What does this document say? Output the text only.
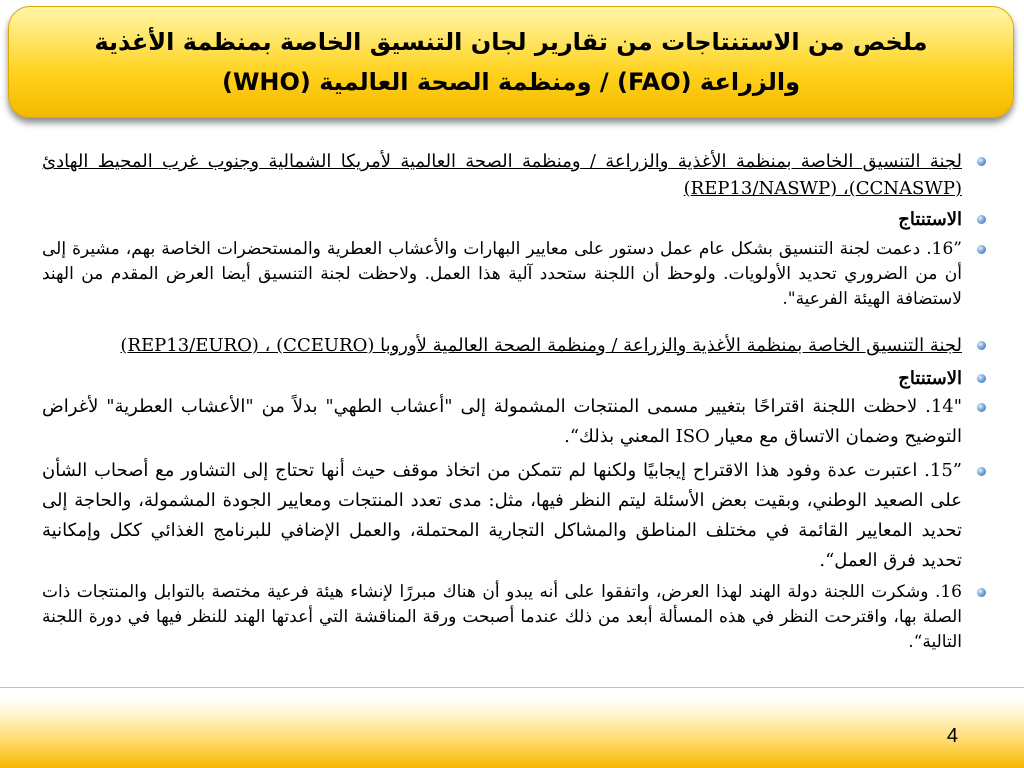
ملخص من الاستنتاجات من تقارير لجان التنسيق الخاصة بمنظمة الأغذية والزراعة (FAO) / ومنظمة الصحة العالمية (WHO)
لجنة التنسيق الخاصة بمنظمة الأغذية والزراعة / ومنظمة الصحة العالمية لأمريكا الشمالية وجنوب غرب المحيط الهادئ (CCNASWP)، (REP13/NASWP)
الاستنتاج
”16. دعمت لجنة التنسيق بشكل عام عمل دستور على معايير البهارات والأعشاب العطرية والمستحضرات الخاصة بهم، مشيرة إلى أن من الضروري تحديد الأولويات. ولوحظ أن اللجنة ستحدد آلية هذا العمل. ولاحظت لجنة التنسيق أيضا العرض المقدم من الهند لاستضافة الهيئة الفرعية".
لجنة التنسيق الخاصة بمنظمة الأغذية والزراعة / ومنظمة الصحة العالمية لأوروبا (CCEURO) ، (REP13/EURO)
الاستنتاج
"14. لاحظت اللجنة اقتراحًا بتغيير مسمى المنتجات المشمولة إلى "أعشاب الطهي" بدلاً من "الأعشاب العطرية" لأغراض التوضيح وضمان الاتساق مع معيار ISO المعني بذلك“.
”15. اعتبرت عدة وفود هذا الاقتراح إيجابيًا ولكنها لم تتمكن من اتخاذ موقف حيث أنها تحتاج إلى التشاور مع أصحاب الشأن على الصعيد الوطني، وبقيت بعض الأسئلة ليتم النظر فيها، مثل: مدى تعدد المنتجات ومعايير الجودة المشمولة، والحاجة إلى تحديد المعايير القائمة في مختلف المناطق والمشاكل التجارية المحتملة، والعمل الإضافي للبرنامج الغذائي ككل وإمكانية تحديد فرق العمل“.
16. وشكرت اللجنة دولة الهند لهذا العرض، واتفقوا على أنه يبدو أن هناك مبررًا لإنشاء هيئة فرعية مختصة بالتوابل والمنتجات ذات الصلة بها، واقترحت النظر في هذه المسألة أبعد من ذلك عندما أصبحت ورقة المناقشة التي أعدتها الهند للنظر فيها في دورة اللجنة التالية“.
4
